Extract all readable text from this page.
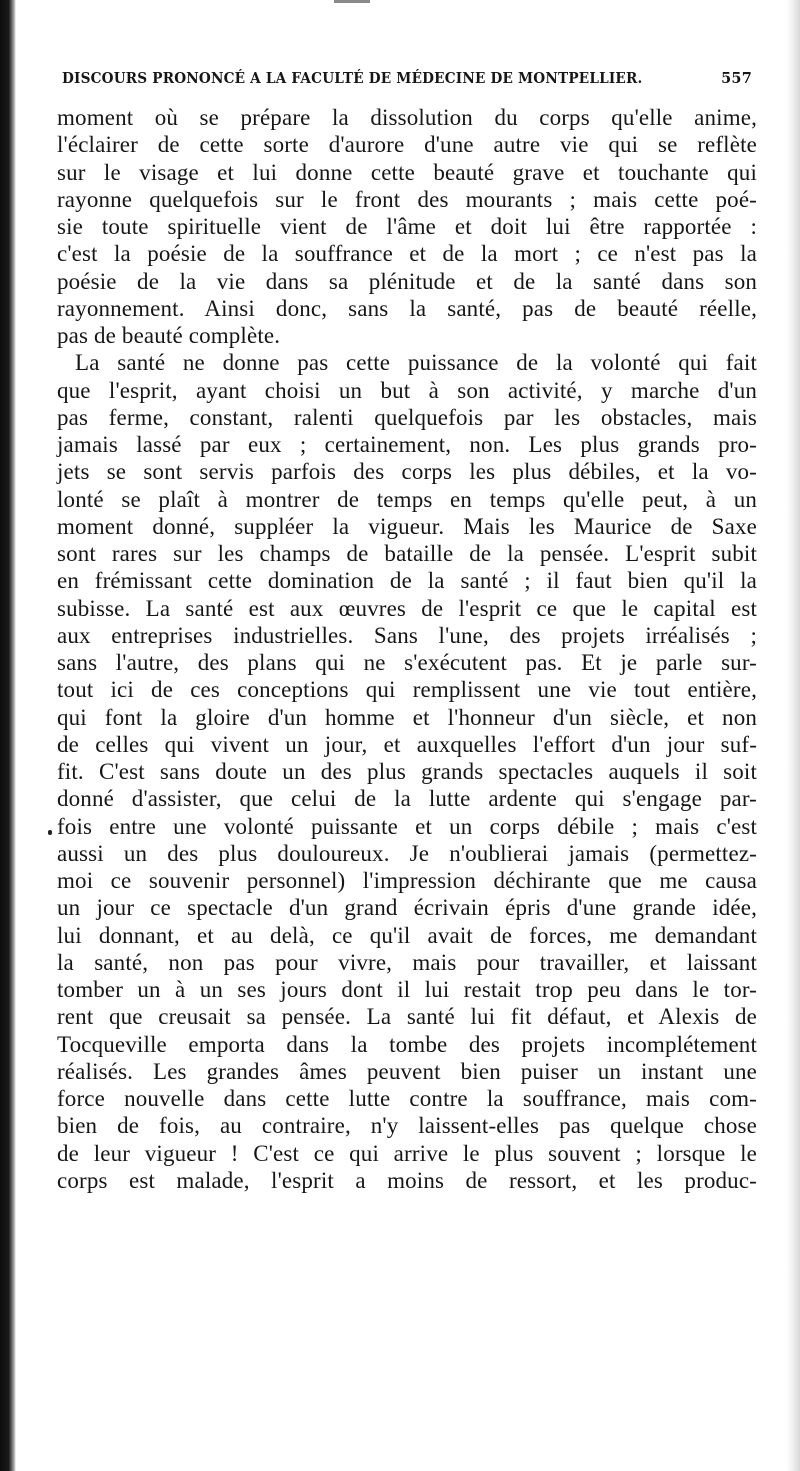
DISCOURS PRONONCÉ A LA FACULTÉ DE MÉDECINE DE MONTPELLIER.	557
moment où se prépare la dissolution du corps qu'elle anime,
l'éclairer de cette sorte d'aurore d'une autre vie qui se reflète
sur le visage et lui donne cette beauté grave et touchante qui
rayonne quelquefois sur le front des mourants ; mais cette poé-
sie toute spirituelle vient de l'âme et doit lui être rapportée :
c'est la poésie de la souffrance et de la mort ; ce n'est pas la
poésie de la vie dans sa plénitude et de la santé dans son
rayonnement. Ainsi donc, sans la santé, pas de beauté réelle,
pas de beauté complète.
La santé ne donne pas cette puissance de la volonté qui fait
que l'esprit, ayant choisi un but à son activité, y marche d'un
pas ferme, constant, ralenti quelquefois par les obstacles, mais
jamais lassé par eux ; certainement, non. Les plus grands pro-
jets se sont servis parfois des corps les plus débiles, et la vo-
lonté se plaît à montrer de temps en temps qu'elle peut, à un
moment donné, suppléer la vigueur. Mais les Maurice de Saxe
sont rares sur les champs de bataille de la pensée. L'esprit subit
en frémissant cette domination de la santé ; il faut bien qu'il la
subisse. La santé est aux œuvres de l'esprit ce que le capital est
aux entreprises industrielles. Sans l'une, des projets irréalisés ;
sans l'autre, des plans qui ne s'exécutent pas. Et je parle sur-
tout ici de ces conceptions qui remplissent une vie tout entière,
qui font la gloire d'un homme et l'honneur d'un siècle, et non
de celles qui vivent un jour, et auxquelles l'effort d'un jour suf-
fit. C'est sans doute un des plus grands spectacles auquels il soit
donné d'assister, que celui de la lutte ardente qui s'engage par-
fois entre une volonté puissante et un corps débile ; mais c'est
aussi un des plus douloureux. Je n'oublierai jamais (permettez-
moi ce souvenir personnel) l'impression déchirante que me causa
un jour ce spectacle d'un grand écrivain épris d'une grande idée,
lui donnant, et au delà, ce qu'il avait de forces, me demandant
la santé, non pas pour vivre, mais pour travailler, et laissant
tomber un à un ses jours dont il lui restait trop peu dans le tor-
rent que creusait sa pensée. La santé lui fit défaut, et Alexis de
Tocqueville emporta dans la tombe des projets incomplétement
réalisés. Les grandes âmes peuvent bien puiser un instant une
force nouvelle dans cette lutte contre la souffrance, mais com-
bien de fois, au contraire, n'y laissent-elles pas quelque chose
de leur vigueur ! C'est ce qui arrive le plus souvent ; lorsque le
corps est malade, l'esprit a moins de ressort, et les produc-
